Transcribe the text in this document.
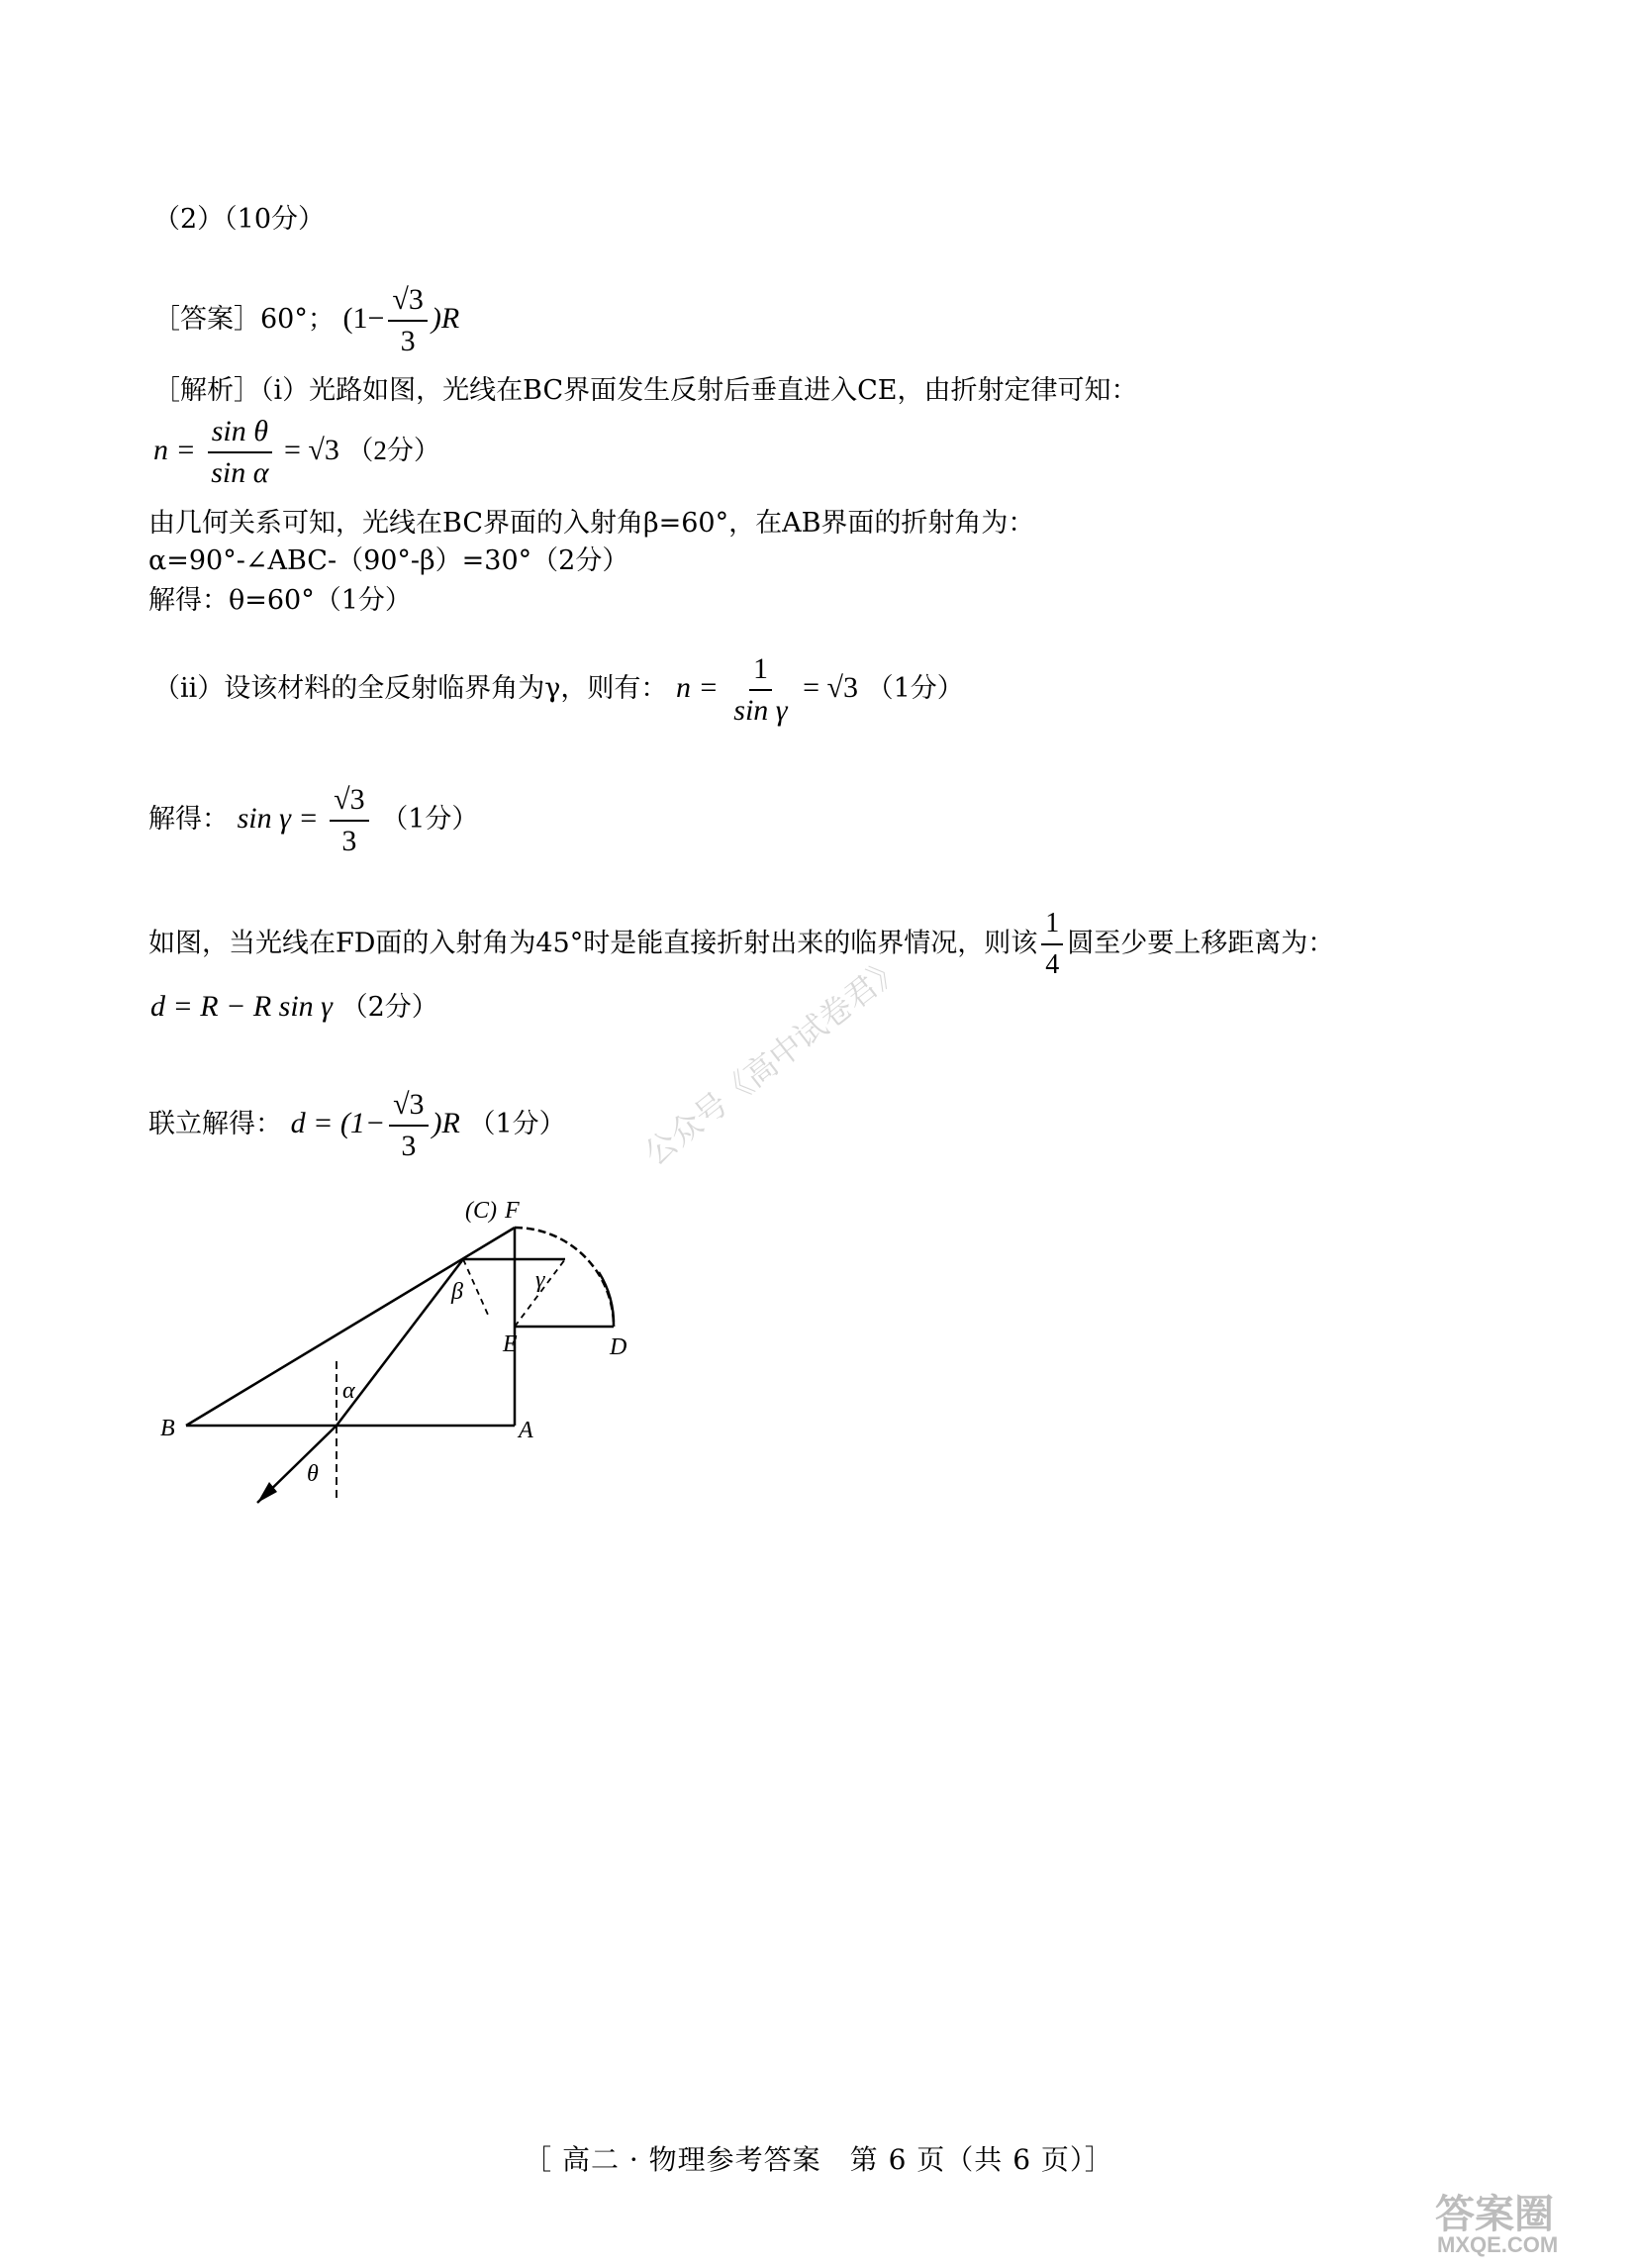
（2）（10分）
［答案］60°； $(1- \frac{√3}{3} )R$
［解析］（ⅰ）光路如图，光线在BC界面发生反射后垂直进入CE，由折射定律可知：
$n = \frac{\text{sin θ}}{\text{sin α}} = √3$ （2分）
由几何关系可知，光线在BC界面的入射角β=60°，在AB界面的折射角为：
α=90°-∠ABC-（90°-β）=30°（2分）
解得：θ=60°（1分）
（ⅱ）设该材料的全反射临界角为γ，则有： $n = \frac{1}{\text{sin γ}} = √3$ （1分）
解得： $\sin \gamma = \frac{√3}{3} (1$分）
如图，当光线在FD面的入射角为45°时是能直接折射出来的临界情况，则该 $\frac{1}{4}$ 圆至少要上移距离为：
d = R − R sin γ （2分）
联立解得： $d = (1- \frac{√3}{3} )R$ （1分）
(C) F
β	γ
E	D
α
B	A
θ
公众号《高中试卷君》
［ 高二 · 物理参考答案　第 6 页（共 6 页）］
答案圈
MXQE.COM
